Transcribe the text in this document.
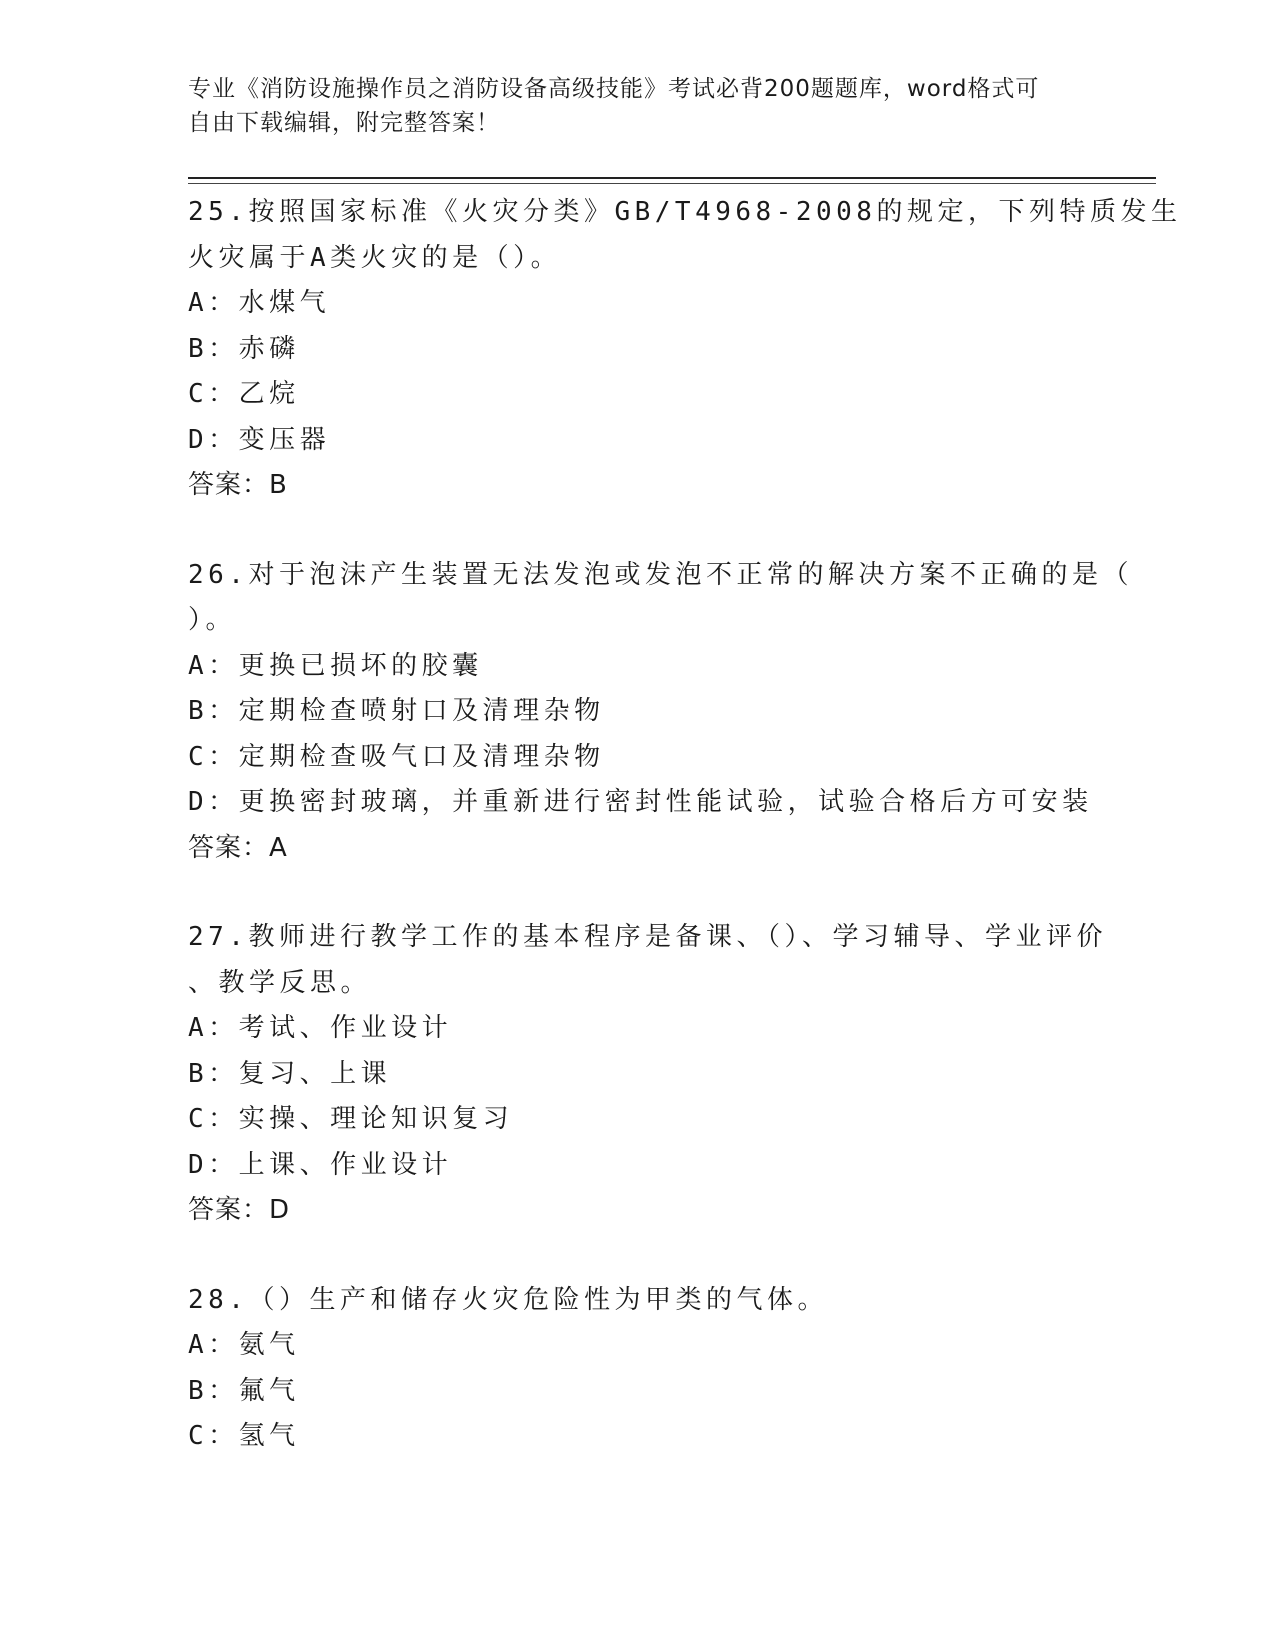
专业《消防设施操作员之消防设备高级技能》考试必背200题题库，word格式可
自由下载编辑，附完整答案！
25.按照国家标准《火灾分类》GB/T4968-2008的规定，下列特质发生
火灾属于A类火灾的是（）。
A：水煤气
B：赤磷
C：乙烷
D：变压器
答案：B
26.对于泡沫产生装置无法发泡或发泡不正常的解决方案不正确的是（
）。
A：更换已损坏的胶囊
B：定期检查喷射口及清理杂物
C：定期检查吸气口及清理杂物
D：更换密封玻璃，并重新进行密封性能试验，试验合格后方可安装
答案：A
27.教师进行教学工作的基本程序是备课、（）、学习辅导、学业评价
、教学反思。
A：考试、作业设计
B：复习、上课
C：实操、理论知识复习
D：上课、作业设计
答案：D
28.（）生产和储存火灾危险性为甲类的气体。
A：氨气
B：氟气
C：氢气
